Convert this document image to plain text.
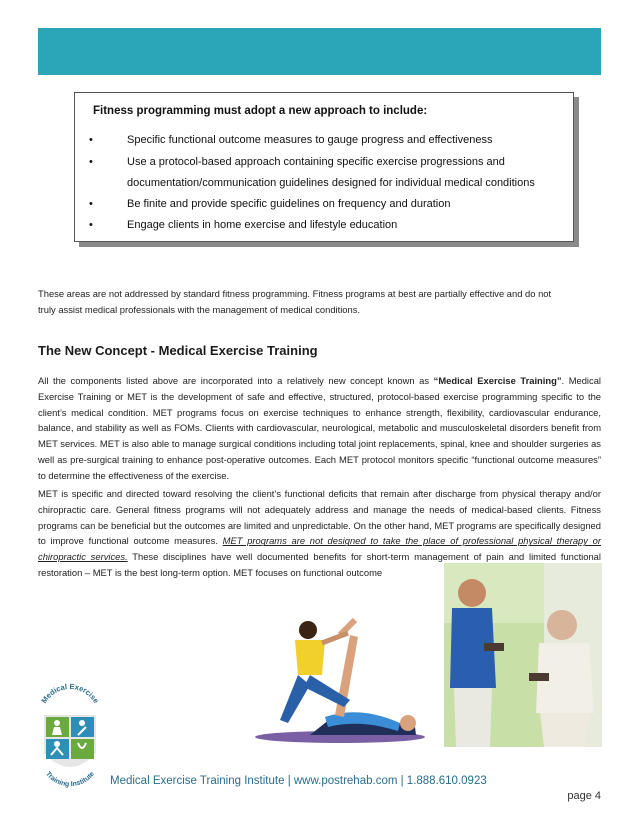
Fitness programming must adopt a new approach to include:
•	Specific functional outcome measures to gauge progress and effectiveness
•	Use a protocol-based approach containing specific exercise progressions and
documentation/communication guidelines designed for individual medical conditions
•	Be finite and provide specific guidelines on frequency and duration
•	Engage clients in home exercise and lifestyle education

These areas are not addressed by standard fitness programming. Fitness programs at best are partially effective and do not

truly assist medical professionals with the management of medical conditions.

The New Concept - Medical Exercise Training

All the components listed above are incorporated into a relatively new concept known as “Medical Exercise Training”. Medical Exercise Training or MET is the development of safe and effective, structured, protocol-based exercise programming specific to the client’s medical condition. MET programs focus on exercise techniques to enhance strength, flexibility, cardiovascular endurance, balance, and stability as well as FOMs. Clients with cardiovascular, neurological, metabolic and musculoskeletal disorders benefit from MET services. MET is also able to manage surgical conditions including total joint replacements, spinal, knee and shoulder surgeries as well as pre-surgical training to enhance post-operative outcomes. Each MET protocol monitors specific “functional outcome measures” to determine the effectiveness of the exercise.

MET is specific and directed toward resolving the client’s functional deficits that remain after discharge from physical therapy and/or chiropractic care. General fitness programs will not adequately address and manage the needs of medical-based clients. Fitness programs can be beneficial but the outcomes are limited and unpredictable. On the other hand, MET programs are specifically designed to improve functional outcome measures. MET programs are not designed to take the place of professional physical therapy or chiropractic services. These disciplines have well documented benefits for short-term management of pain and limited functional restoration – MET is the best long-term option. MET focuses on functional outcome

Medical Exercise
Training Institute
Medical Exercise Training Institute | www.postrehab.com | 1.888.610.0923
page 4
